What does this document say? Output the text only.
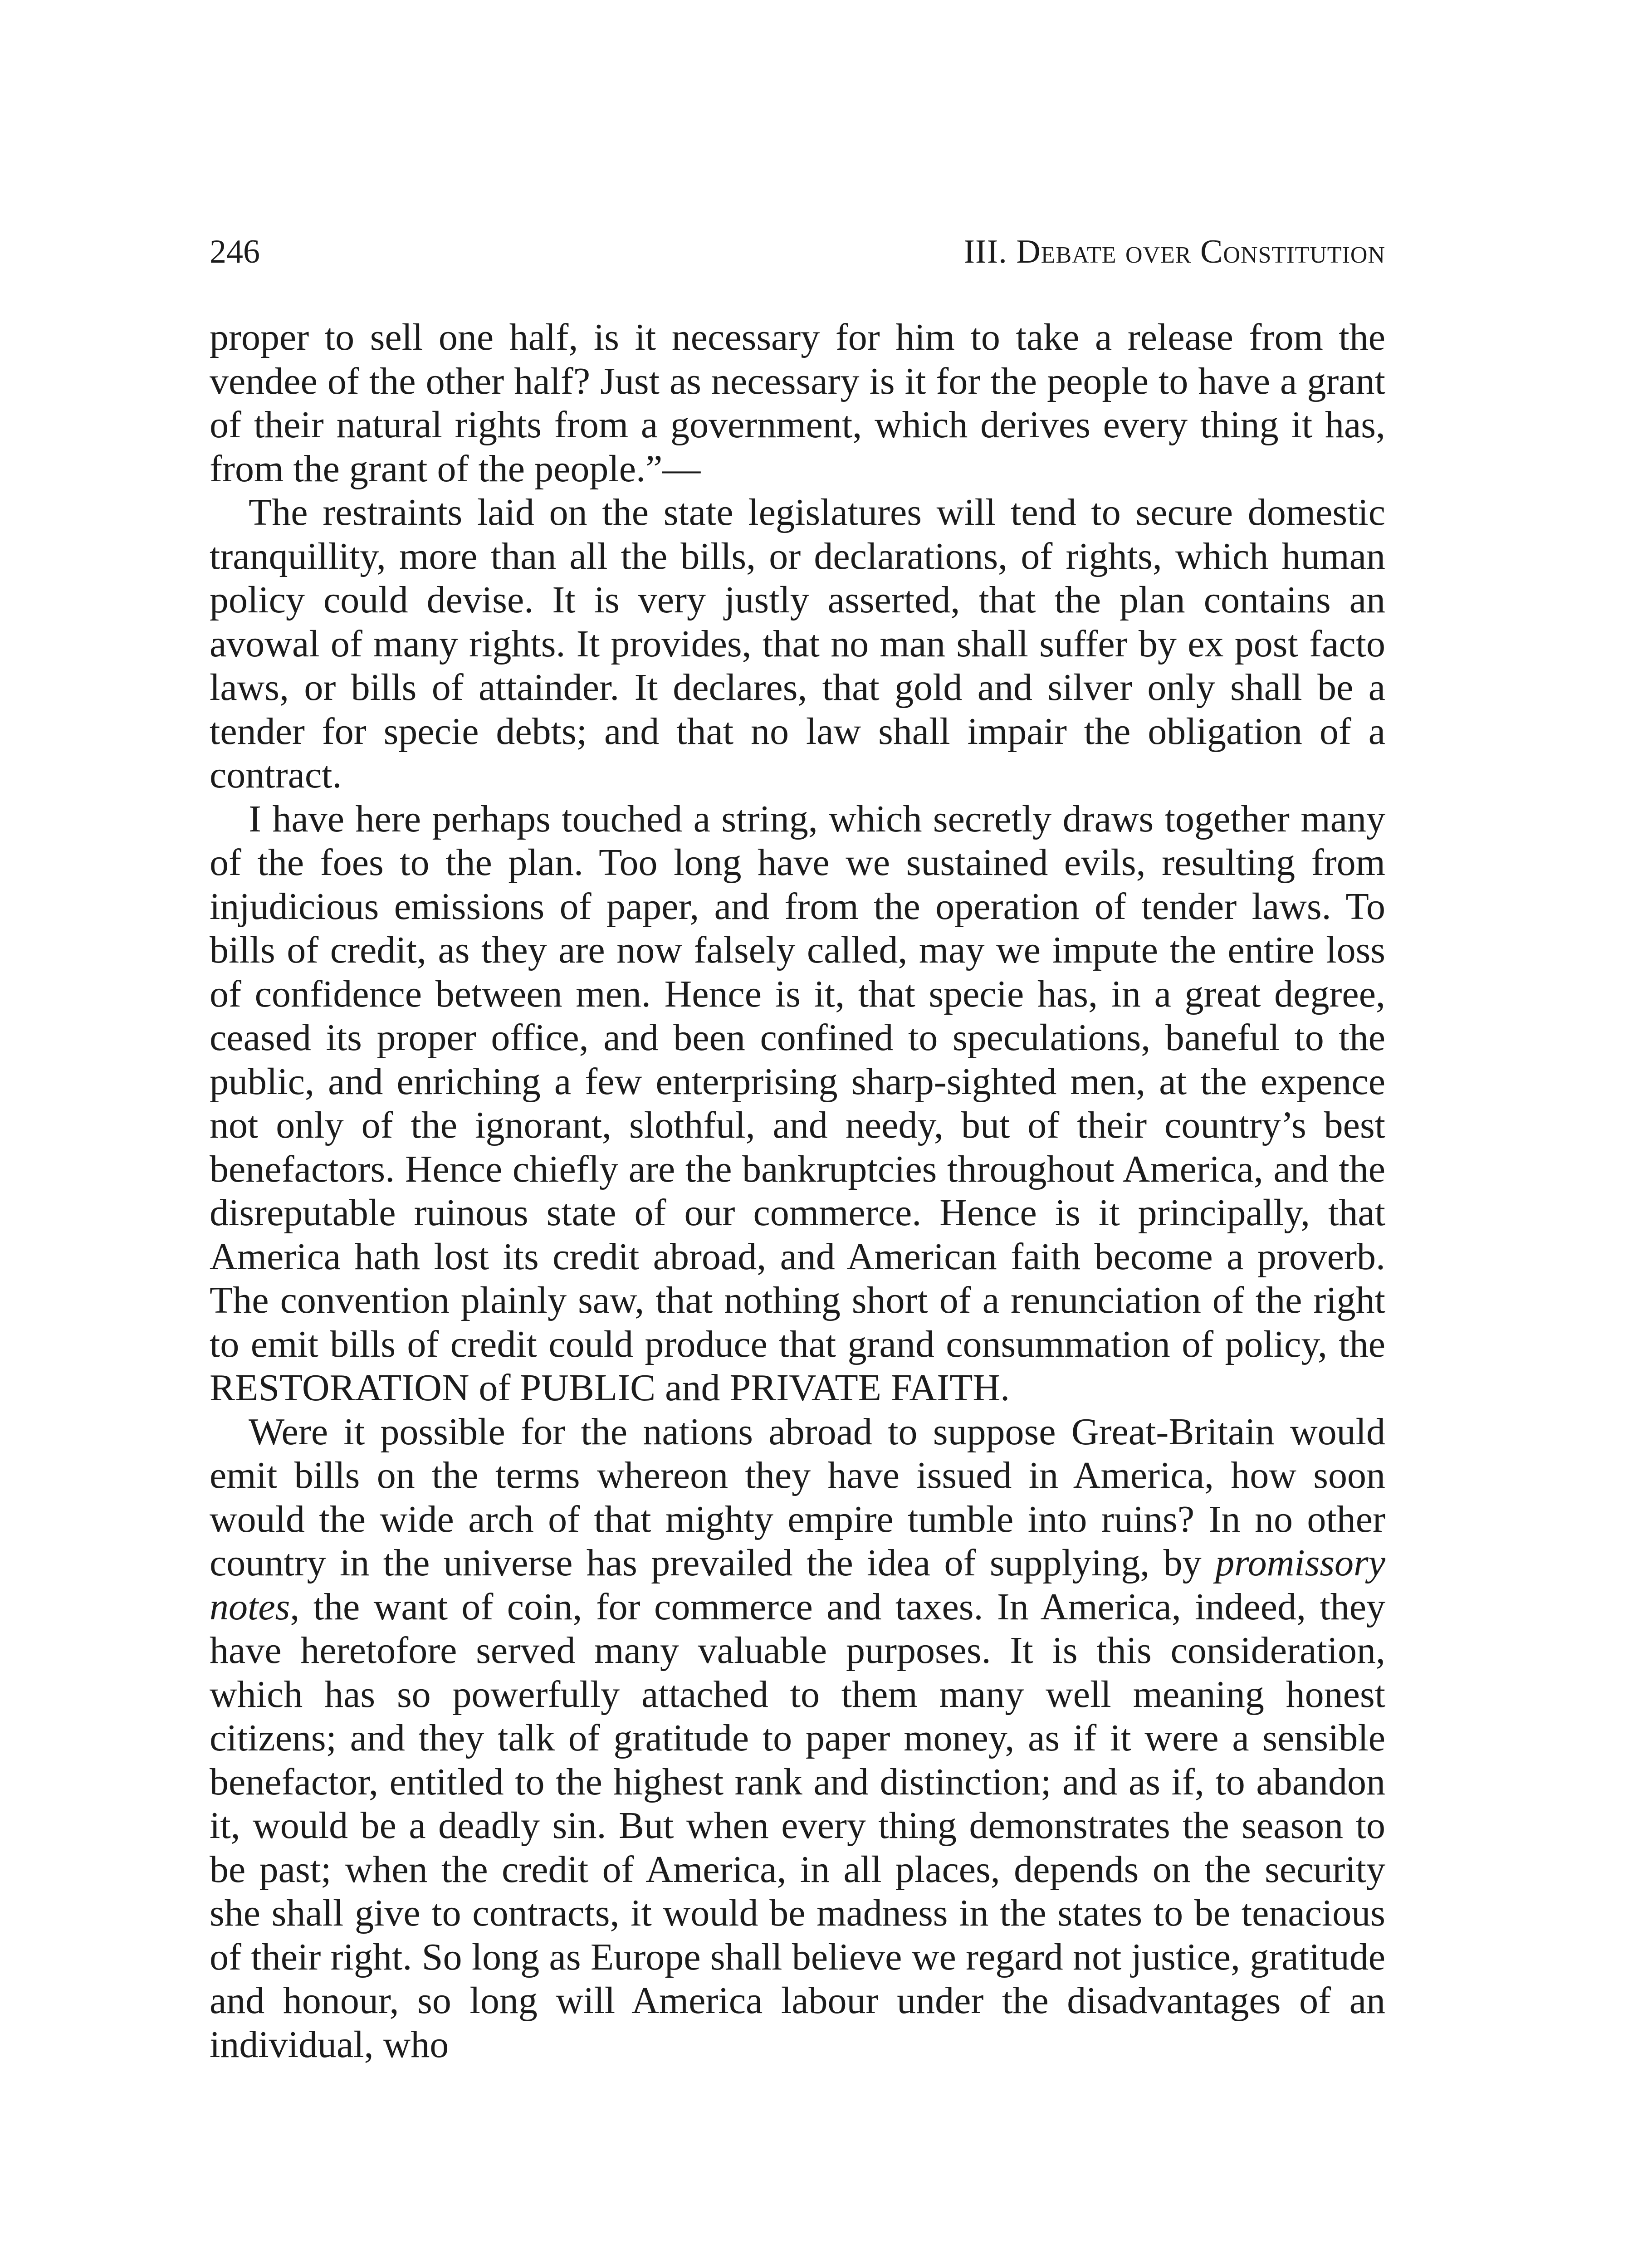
246	III. Debate over Constitution

proper to sell one half, is it necessary for him to take a release from the vendee of the other half? Just as necessary is it for the people to have a grant of their natural rights from a government, which derives every thing it has, from the grant of the people.”—

The restraints laid on the state legislatures will tend to secure domestic tranquillity, more than all the bills, or declarations, of rights, which human policy could devise. It is very justly asserted, that the plan contains an avowal of many rights. It provides, that no man shall suffer by ex post facto laws, or bills of attainder. It declares, that gold and silver only shall be a tender for specie debts; and that no law shall impair the obligation of a contract.

I have here perhaps touched a string, which secretly draws together many of the foes to the plan. Too long have we sustained evils, resulting from injudicious emissions of paper, and from the operation of tender laws. To bills of credit, as they are now falsely called, may we impute the entire loss of confidence between men. Hence is it, that specie has, in a great degree, ceased its proper office, and been confined to speculations, baneful to the public, and enriching a few enterprising sharp-sighted men, at the expence not only of the ignorant, slothful, and needy, but of their country’s best benefactors. Hence chiefly are the bankruptcies throughout America, and the disreputable ruinous state of our commerce. Hence is it principally, that America hath lost its credit abroad, and American faith become a proverb. The convention plainly saw, that nothing short of a renunciation of the right to emit bills of credit could produce that grand consummation of policy, the RESTORATION of PUBLIC and PRIVATE FAITH.

Were it possible for the nations abroad to suppose Great-Britain would emit bills on the terms whereon they have issued in America, how soon would the wide arch of that mighty empire tumble into ruins? In no other country in the universe has prevailed the idea of supplying, by promissory notes, the want of coin, for commerce and taxes. In America, indeed, they have heretofore served many valuable purposes. It is this consideration, which has so powerfully attached to them many well meaning honest citizens; and they talk of gratitude to paper money, as if it were a sensible benefactor, entitled to the highest rank and distinction; and as if, to abandon it, would be a deadly sin. But when every thing demonstrates the season to be past; when the credit of America, in all places, depends on the security she shall give to contracts, it would be madness in the states to be tenacious of their right. So long as Europe shall believe we regard not justice, gratitude and honour, so long will America labour under the disadvantages of an individual, who
